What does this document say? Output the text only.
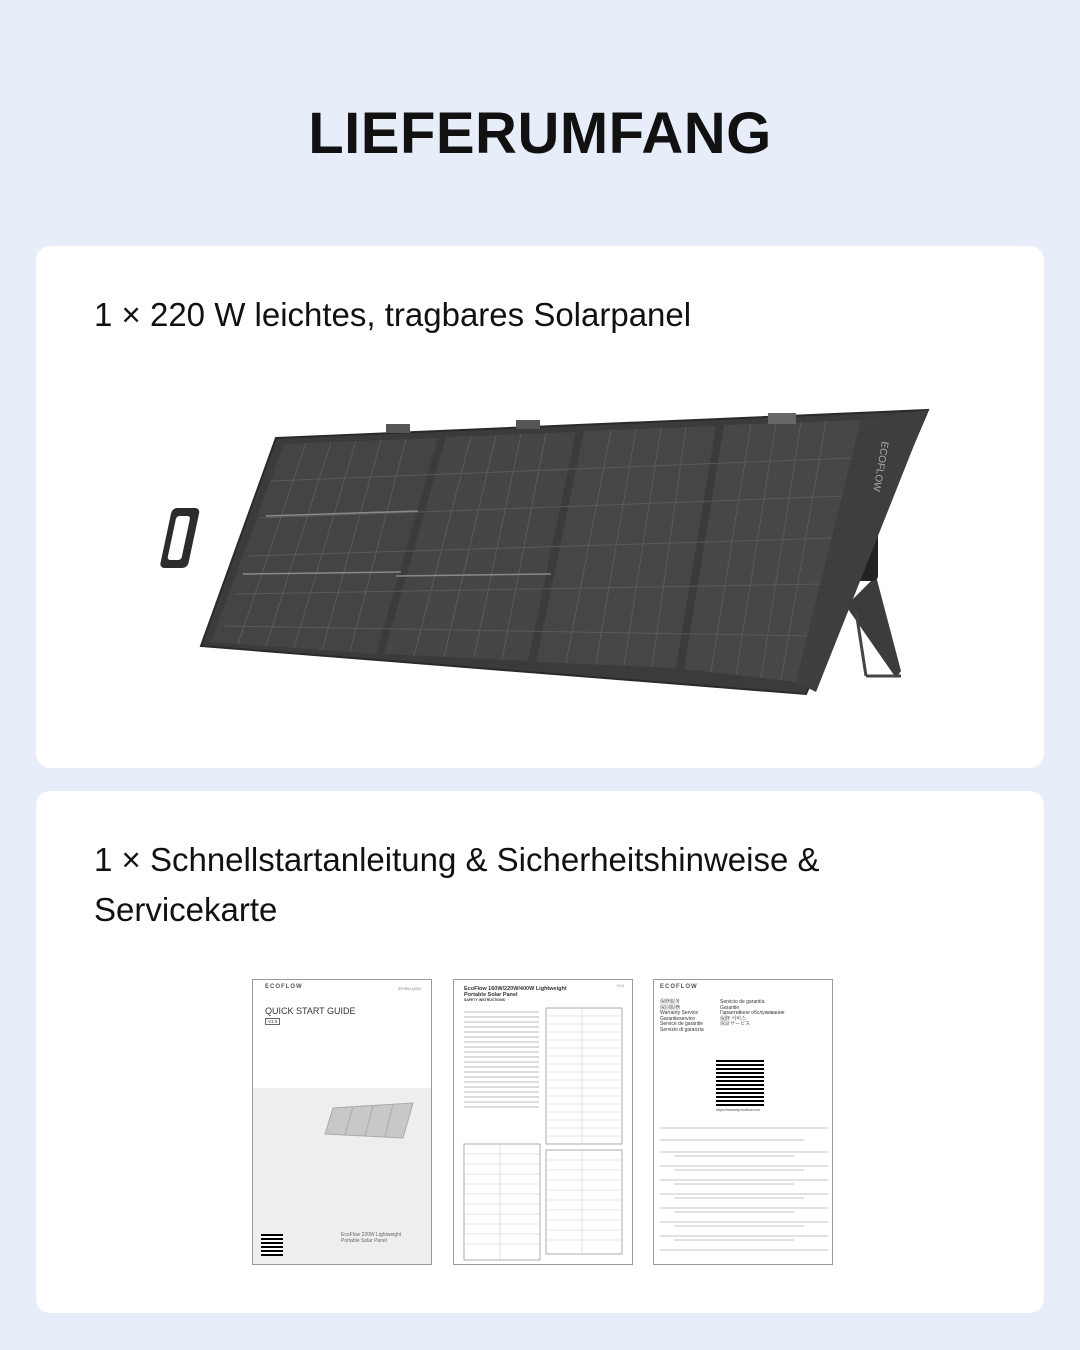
LIEFERUMFANG
1 × 220 W leichtes, tragbares Solarpanel
ECOFLOW
1 × Schnellstartanleitung & Sicherheitshinweise & Servicekarte
ECOFLOW	EF95U-QSG
QUICK START GUIDE
V1.0
EcoFlow 220W Lightweight Portable Solar Panel
EcoFlow 160W/220W/400W Lightweight Portable Solar Panel
V1.0
SAFETY INSTRUCTIONS
ECOFLOW
保修服务
保固服務
Warranty Service
Garantieservice
Service de garantie
Servizio di garanzia
Servicio de garantía
Garantie
Гарантийное обслуживание
保修 서비스
保証サービス
https://warranty.ecoflow.com
